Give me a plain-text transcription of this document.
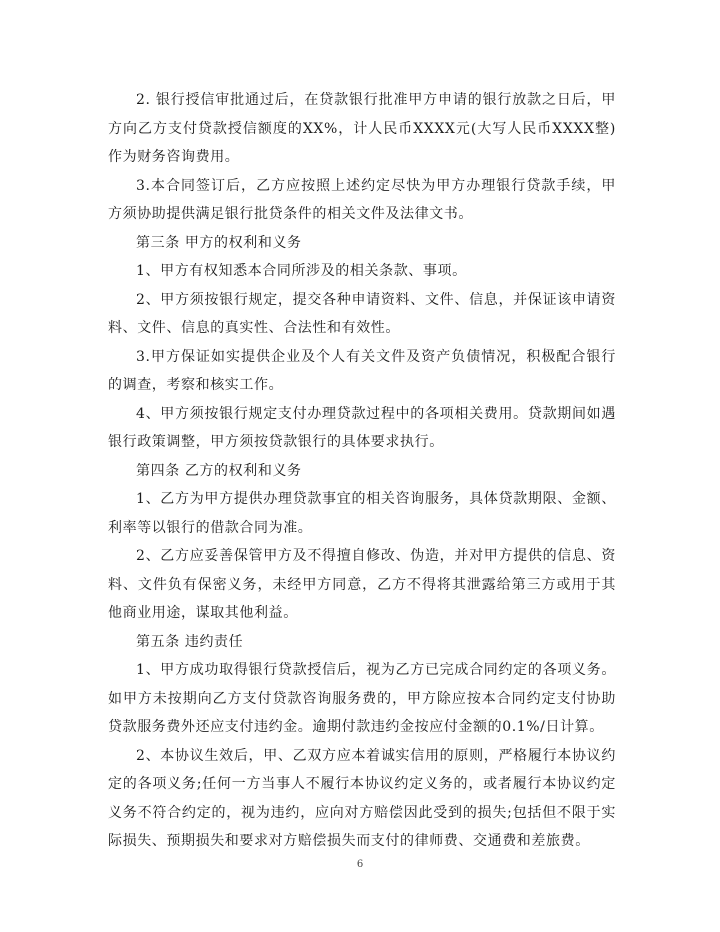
2. 银行授信审批通过后，在贷款银行批准甲方申请的银行放款之日后，甲方向乙方支付贷款授信额度的XX%，计人民币XXXX元(大写人民币XXXX整)作为财务咨询费用。

3.本合同签订后，乙方应按照上述约定尽快为甲方办理银行贷款手续，甲方须协助提供满足银行批贷条件的相关文件及法律文书。

第三条 甲方的权利和义务

1、甲方有权知悉本合同所涉及的相关条款、事项。

2、甲方须按银行规定，提交各种申请资料、文件、信息，并保证该申请资料、文件、信息的真实性、合法性和有效性。

3.甲方保证如实提供企业及个人有关文件及资产负债情况，积极配合银行的调查，考察和核实工作。

4、甲方须按银行规定支付办理贷款过程中的各项相关费用。贷款期间如遇银行政策调整，甲方须按贷款银行的具体要求执行。

第四条 乙方的权利和义务

1、乙方为甲方提供办理贷款事宜的相关咨询服务，具体贷款期限、金额、利率等以银行的借款合同为准。

2、乙方应妥善保管甲方及不得擅自修改、伪造，并对甲方提供的信息、资料、文件负有保密义务，未经甲方同意，乙方不得将其泄露给第三方或用于其他商业用途，谋取其他利益。

第五条 违约责任

1、甲方成功取得银行贷款授信后，视为乙方已完成合同约定的各项义务。如甲方未按期向乙方支付贷款咨询服务费的，甲方除应按本合同约定支付协助贷款服务费外还应支付违约金。逾期付款违约金按应付金额的0.1%/日计算。

2、本协议生效后，甲、乙双方应本着诚实信用的原则，严格履行本协议约定的各项义务;任何一方当事人不履行本协议约定义务的，或者履行本协议约定义务不符合约定的，视为违约，应向对方赔偿因此受到的损失;包括但不限于实际损失、预期损失和要求对方赔偿损失而支付的律师费、交通费和差旅费。

6
